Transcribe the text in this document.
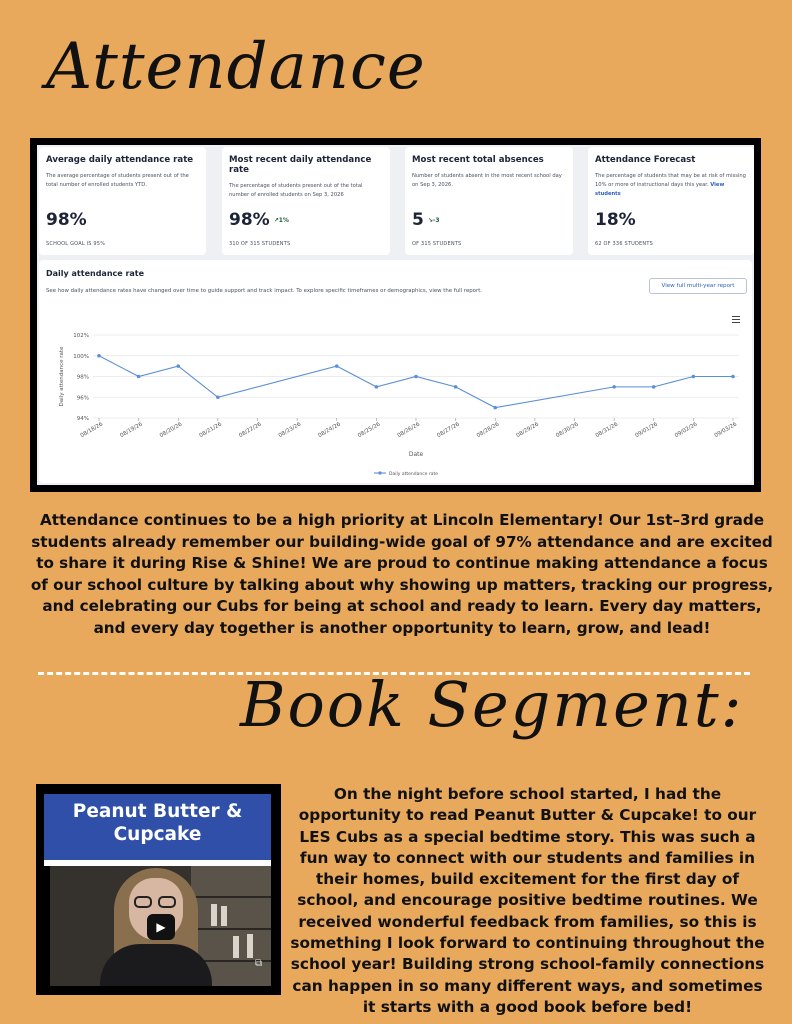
Attendance
Average daily attendance rate
The average percentage of students present out of the total number of enrolled students YTD.
98%
SCHOOL GOAL IS 95%
Most recent daily attendance rate
The percentage of students present out of the total number of enrolled students on Sep 3, 2026
98% ↗1%
310 OF 315 STUDENTS
Most recent total absences
Number of students absent in the most recent school day on Sep 3, 2026.
5 ↘-3
OF 315 STUDENTS
Attendance Forecast
The percentage of students that may be at risk of missing 10% or more of instructional days this year. View students
18%
62 OF 336 STUDENTS
Daily attendance rate
See how daily attendance rates have changed over time to guide support and track impact. To explore specific timeframes or demographics, view the full report.
View full multi-year report
94%
96%
98%
100%
102%
Daily attendance rate
08/18/26	08/19/26	08/20/26	08/21/26	08/22/26	08/23/26	08/24/26	08/25/26	08/26/26	08/27/26	08/28/26	08/29/26	08/30/26	08/31/26	09/01/26	09/02/26	09/03/26
Date
Daily attendance rate
Attendance continues to be a high priority at Lincoln Elementary! Our 1st–3rd grade students already remember our building-wide goal of 97% attendance and are excited to share it during Rise & Shine! We are proud to continue making attendance a focus of our school culture by talking about why showing up matters, tracking our progress, and celebrating our Cubs for being at school and ready to learn. Every day matters, and every day together is another opportunity to learn, grow, and lead!
Book Segment:
Peanut Butter &
Cupcake
▶
⧉
On the night before school started, I had the opportunity to read Peanut Butter & Cupcake! to our LES Cubs as a special bedtime story. This was such a fun way to connect with our students and families in their homes, build excitement for the first day of school, and encourage positive bedtime routines. We received wonderful feedback from families, so this is something I look forward to continuing throughout the school year! Building strong school-family connections can happen in so many different ways, and sometimes it starts with a good book before bed!
